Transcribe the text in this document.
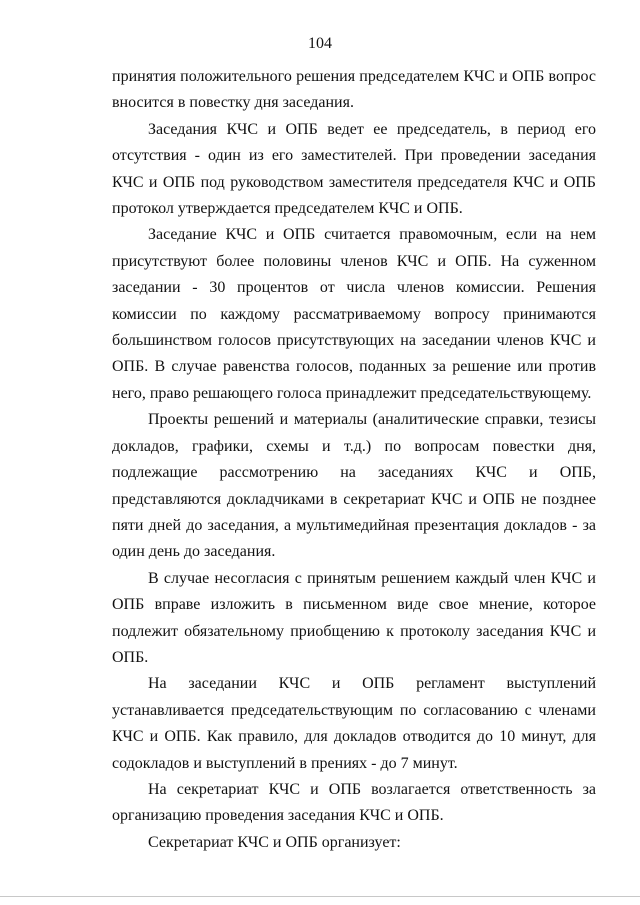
104

принятия положительного решения председателем КЧС и ОПБ вопрос вносится в повестку дня заседания.

Заседания КЧС и ОПБ ведет ее председатель, в период его отсутствия - один из его заместителей. При проведении заседания КЧС и ОПБ под руководством заместителя председателя КЧС и ОПБ протокол утверждается председателем КЧС и ОПБ.

Заседание КЧС и ОПБ считается правомочным, если на нем присутствуют более половины членов КЧС и ОПБ. На суженном заседании - 30 процентов от числа членов комиссии. Решения комиссии по каждому рассматриваемому вопросу принимаются большинством голосов присутствующих на заседании членов КЧС и ОПБ. В случае равенства голосов, поданных за решение или против него, право решающего голоса принадлежит председательствующему.

Проекты решений и материалы (аналитические справки, тезисы докладов, графики, схемы и т.д.) по вопросам повестки дня, подлежащие рассмотрению на заседаниях КЧС и ОПБ, представляются докладчиками в секретариат КЧС и ОПБ не позднее пяти дней до заседания, а мультимедийная презентация докладов - за один день до заседания.

В случае несогласия с принятым решением каждый член КЧС и ОПБ вправе изложить в письменном виде свое мнение, которое подлежит обязательному приобщению к протоколу заседания КЧС и ОПБ.

На заседании КЧС и ОПБ регламент выступлений устанавливается председательствующим по согласованию с членами КЧС и ОПБ. Как правило, для докладов отводится до 10 минут, для содокладов и выступлений в прениях - до 7 минут.

На секретариат КЧС и ОПБ возлагается ответственность за организацию проведения заседания КЧС и ОПБ.

Секретариат КЧС и ОПБ организует:
